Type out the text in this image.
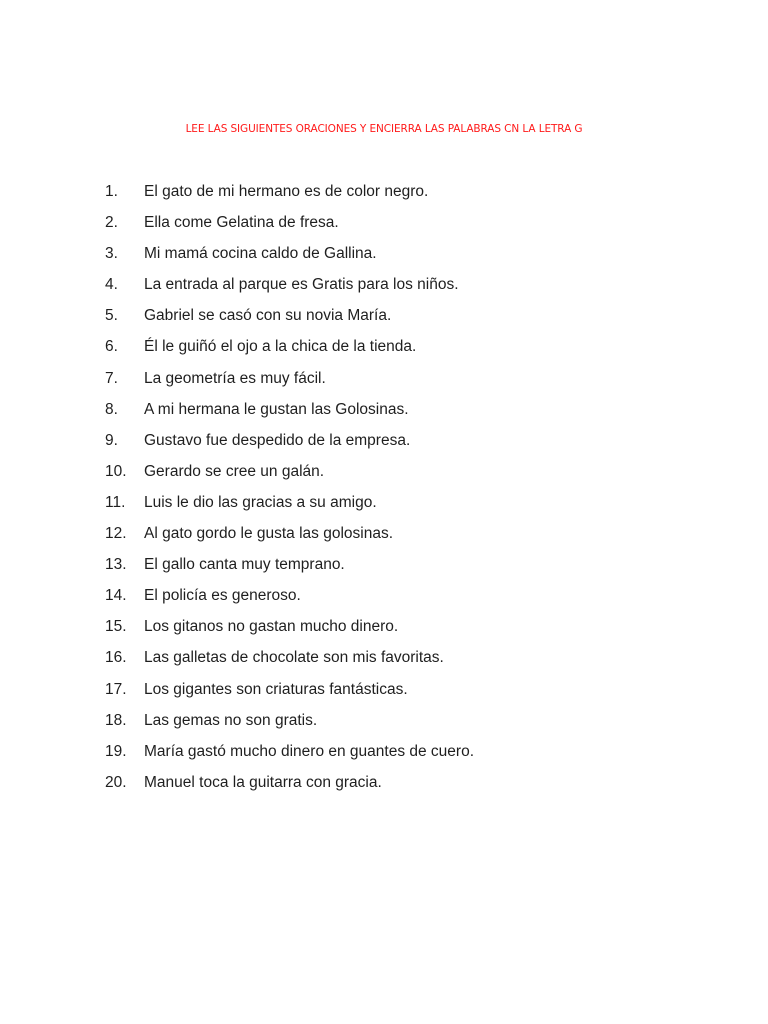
LEE LAS SIGUIENTES ORACIONES Y ENCIERRA LAS PALABRAS CN LA LETRA G
1.	El gato de mi hermano es de color negro.
2.	Ella come Gelatina de fresa.
3.	Mi mamá cocina caldo de Gallina.
4.	La entrada al parque es Gratis para los niños.
5.	Gabriel se casó con su novia María.
6.	Él le guiñó el ojo a la chica de la tienda.
7.	La geometría es muy fácil.
8.	A mi hermana le gustan las Golosinas.
9.	Gustavo fue despedido de la empresa.
10.	Gerardo se cree un galán.
11.	Luis le dio las gracias a su amigo.
12.	Al gato gordo le gusta las golosinas.
13.	El gallo canta muy temprano.
14.	El policía es generoso.
15.	Los gitanos no gastan mucho dinero.
16.	Las galletas de chocolate son mis favoritas.
17.	Los gigantes son criaturas fantásticas.
18.	Las gemas no son gratis.
19.	María gastó mucho dinero en guantes de cuero.
20.	Manuel toca la guitarra con gracia.
